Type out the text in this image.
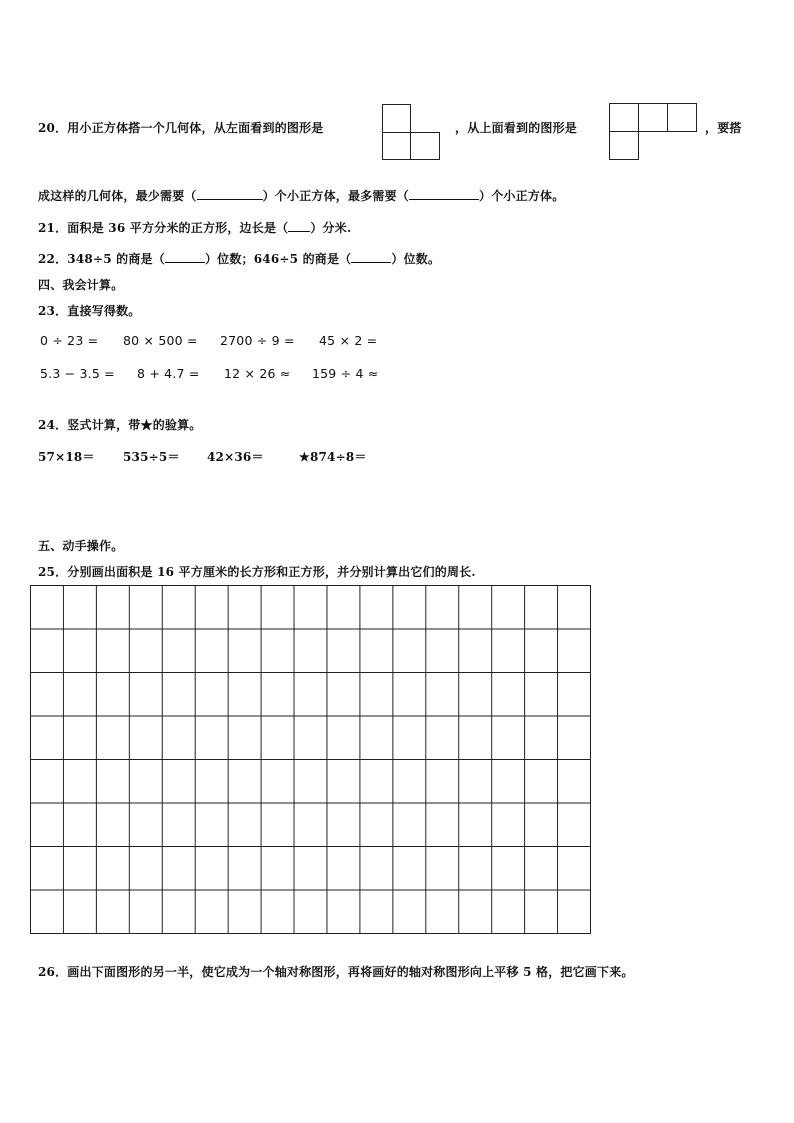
20．用小正方体搭一个几何体，从左面看到的图形是	，从上面看到的图形是	，要搭
成这样的几何体，最少需要（	）个小正方体，最多需要（	）个小正方体。
21．面积是 36 平方分米的正方形，边长是（ ）分米.
22．348÷5 的商是（	）位数；646÷5 的商是（	）位数。
四、我会计算。
23．直接写得数。
0 ÷ 23 = 80 × 500 = 2700 ÷ 9 = 45 × 2 =
5.3 − 3.5 = 8 + 4.7 = 12 × 26 ≈ 159 ÷ 4 ≈
24．竖式计算，带★的验算。
57×18＝ 535÷5＝ 42×36＝	★874÷8＝
五、动手操作。
25．分别画出面积是 16 平方厘米的长方形和正方形，并分别计算出它们的周长.
26．画出下面图形的另一半，使它成为一个轴对称图形，再将画好的轴对称图形向上平移 5 格，把它画下来。
